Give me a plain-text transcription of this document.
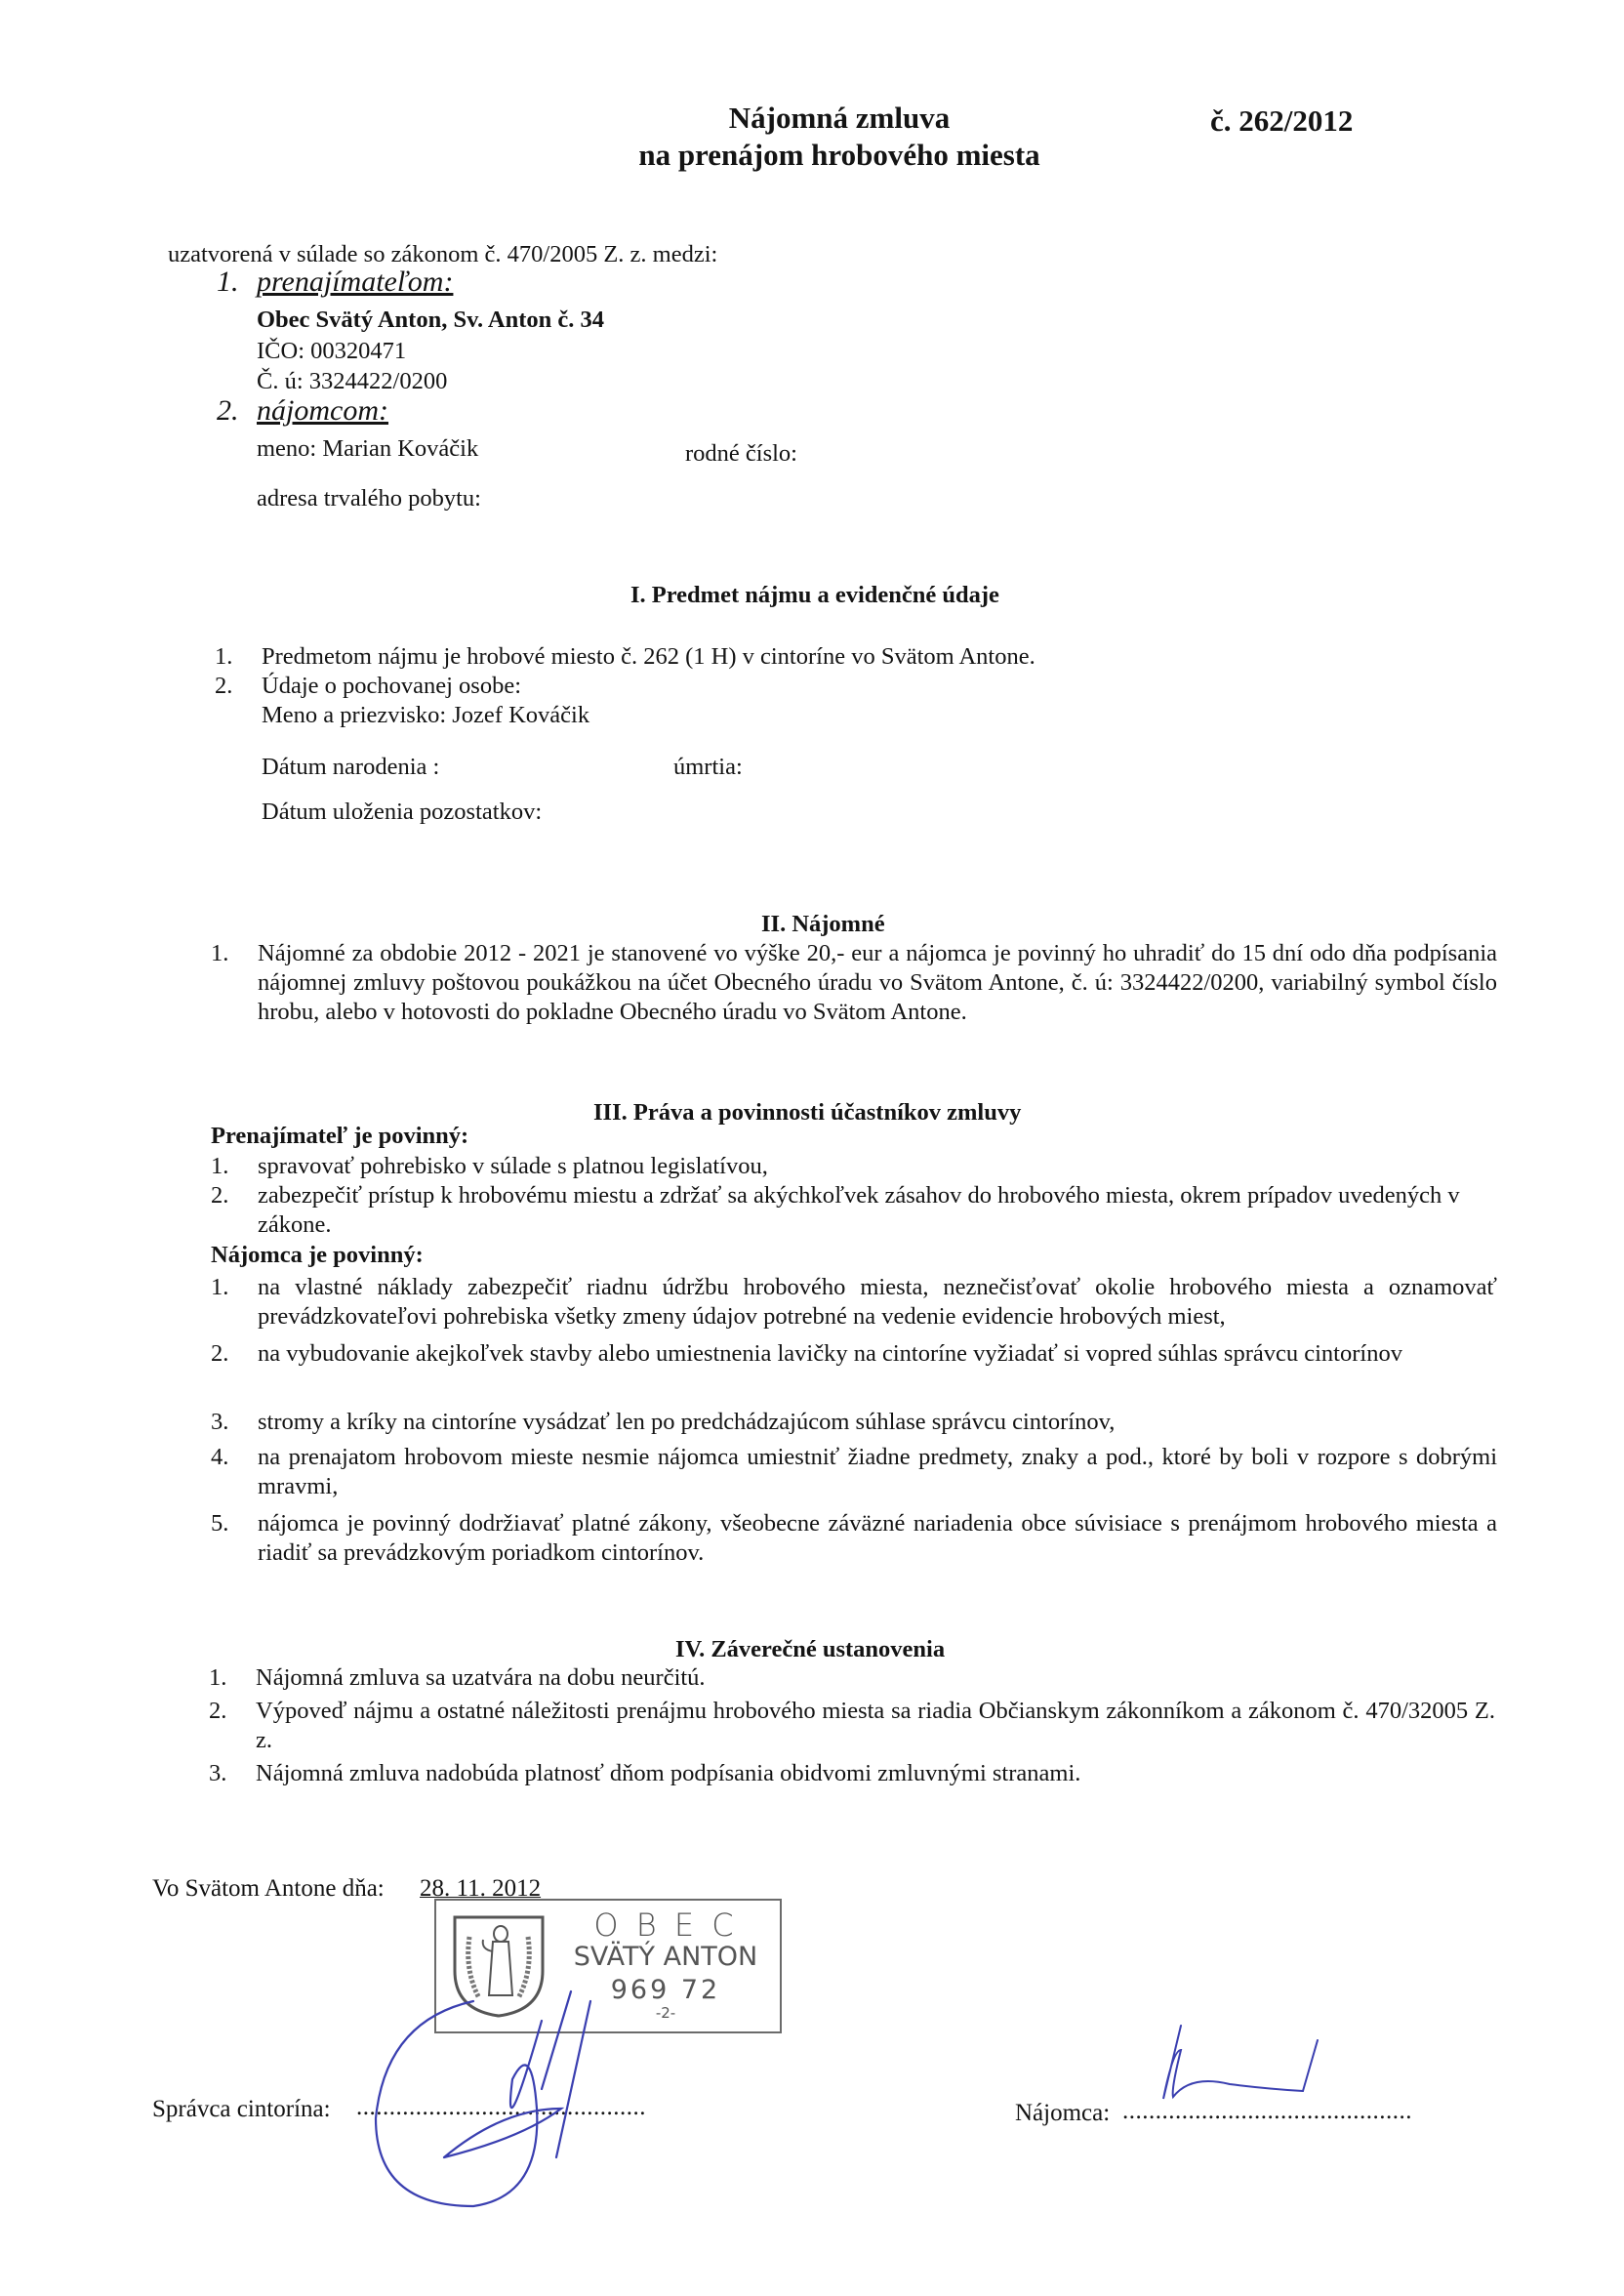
Nájomná zmluva
na prenájom hrobového miesta
č. 262/2012
uzatvorená v súlade so zákonom č. 470/2005 Z. z. medzi:
1. prenajímateľom:
Obec Svätý Anton, Sv. Anton č. 34
IČO: 00320471
Č. ú: 3324422/0200
2. nájomcom:
meno: Marian Kováčik	rodné číslo:
adresa trvalého pobytu:
I. Predmet nájmu a evidenčné údaje
1. Predmetom nájmu je hrobové miesto č. 262 (1 H) v cintoríne vo Svätom Antone.
2. Údaje o pochovanej osobe:
Meno a priezvisko: Jozef Kováčik
Dátum narodenia :	úmrtia:
Dátum uloženia pozostatkov:
II. Nájomné
1. Nájomné za obdobie 2012 - 2021 je stanovené vo výške 20,- eur a nájomca je povinný ho uhradiť do 15 dní odo dňa podpísania nájomnej zmluvy poštovou poukážkou na účet Obecného úradu vo Svätom Antone, č. ú: 3324422/0200, variabilný symbol číslo hrobu, alebo v hotovosti do pokladne Obecného úradu vo Svätom Antone.
III. Práva a povinnosti účastníkov zmluvy
Prenajímateľ je povinný:
1. spravovať pohrebisko v súlade s platnou legislatívou,
2. zabezpečiť prístup k hrobovému miestu a zdržať sa akýchkoľvek zásahov do hrobového miesta, okrem prípadov uvedených v zákone.
Nájomca je povinný:
1. na vlastné náklady zabezpečiť riadnu údržbu hrobového miesta, neznečisťovať okolie hrobového miesta a oznamovať prevádzkovateľovi pohrebiska všetky zmeny údajov potrebné na vedenie evidencie hrobových miest,
2. na vybudovanie akejkoľvek stavby alebo umiestnenia lavičky na cintoríne vyžiadať si vopred súhlas správcu cintorínov
3. stromy a kríky na cintoríne vysádzať len po predchádzajúcom súhlase správcu cintorínov,
4. na prenajatom hrobovom mieste nesmie nájomca umiestniť žiadne predmety, znaky a pod., ktoré by boli v rozpore s dobrými mravmi,
5. nájomca je povinný dodržiavať platné zákony, všeobecne záväzné nariadenia obce súvisiace s prenájmom hrobového miesta a riadiť sa prevádzkovým poriadkom cintorínov.
IV. Záverečné ustanovenia
1. Nájomná zmluva sa uzatvára na dobu neurčitú.
2. Výpoveď nájmu a ostatné náležitosti prenájmu hrobového miesta sa riadia Občianskym zákonníkom a zákonom č. 470/32005 Z. z.
3. Nájomná zmluva nadobúda platnosť dňom podpísania obidvomi zmluvnými stranami.
Vo Svätom Antone dňa: 28. 11. 2012
O B E C
SVÄTÝ ANTON
969 72
-2-
Správca cintorína: ............................................	Nájomca: ............................................
